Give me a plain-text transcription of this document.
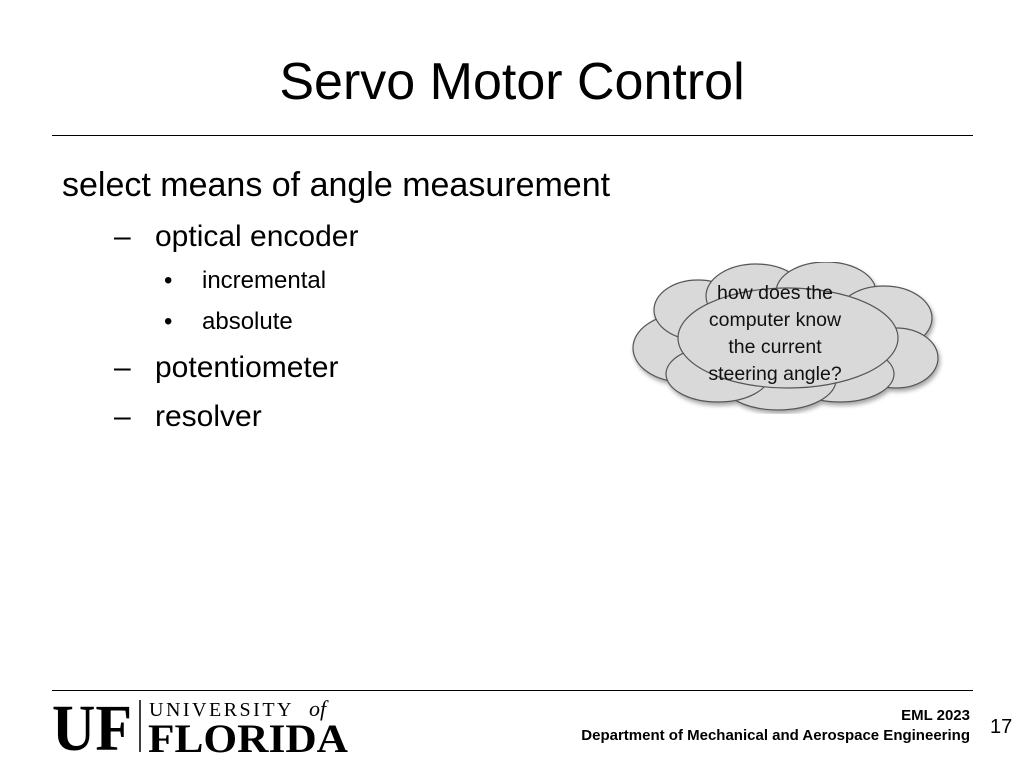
Servo Motor Control
select means of angle measurement
– optical encoder
• incremental
• absolute
– potentiometer
– resolver
how does the
computer know
the current
steering angle?
UF UNIVERSITY of
FLORIDA
EML 2023
Department of Mechanical and Aerospace Engineering 17
